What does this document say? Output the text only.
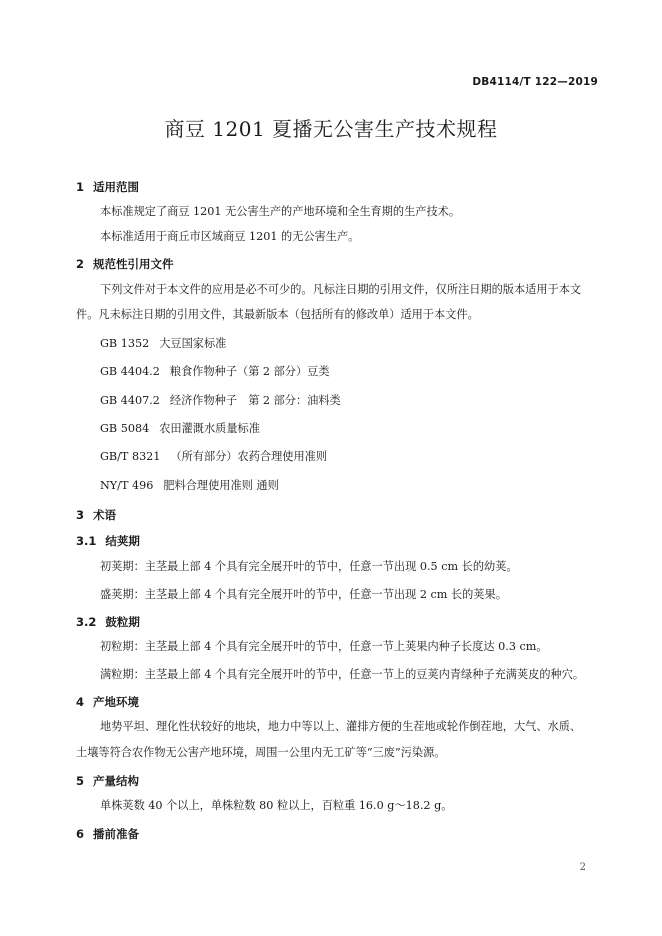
DB4114/T 122—2019
商豆 1201 夏播无公害生产技术规程
1 适用范围
本标准规定了商豆 1201 无公害生产的产地环境和全生育期的生产技术。
本标准适用于商丘市区域商豆 1201 的无公害生产。
2 规范性引用文件
下列文件对于本文件的应用是必不可少的。凡标注日期的引用文件，仅所注日期的版本适用于本文
件。凡未标注日期的引用文件，其最新版本（包括所有的修改单）适用于本文件。
GB 1352 大豆国家标准
GB 4404.2 粮食作物种子（第 2 部分）豆类
GB 4407.2 经济作物种子　第 2 部分：油料类
GB 5084 农田灌溉水质量标准
GB/T 8321 （所有部分）农药合理使用准则
NY/T 496 肥料合理使用准则 通则
3 术语
3.1 结荚期
初荚期：主茎最上部 4 个具有完全展开叶的节中，任意一节出现 0.5 cm 长的幼荚。
盛荚期：主茎最上部 4 个具有完全展开叶的节中，任意一节出现 2 cm 长的荚果。
3.2 鼓粒期
初粒期：主茎最上部 4 个具有完全展开叶的节中，任意一节上荚果内种子长度达 0.3 cm。
满粒期：主茎最上部 4 个具有完全展开叶的节中，任意一节上的豆荚内青绿种子充满荚皮的种穴。
4 产地环境
地势平坦、理化性状较好的地块，地力中等以上、灌排方便的生茬地或轮作倒茬地，大气、水质、
土壤等符合农作物无公害产地环境，周围一公里内无工矿等“三废”污染源。
5 产量结构
单株荚数 40 个以上，单株粒数 80 粒以上，百粒重 16.0 g～18.2 g。
6 播前准备
2
